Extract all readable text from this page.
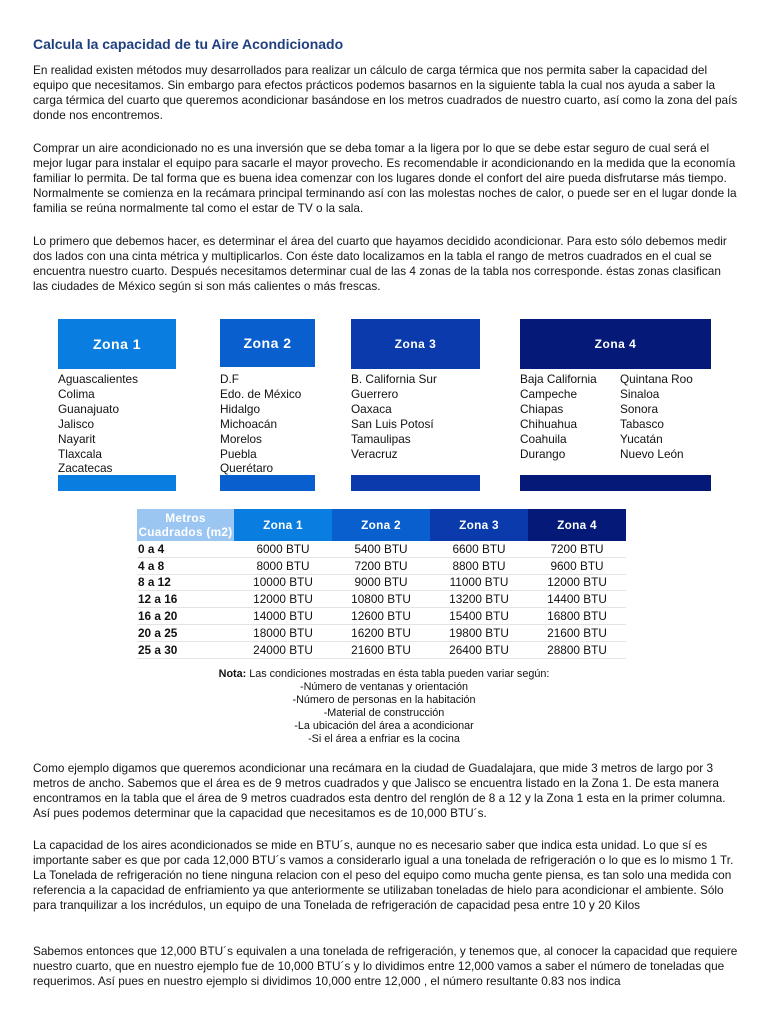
Calcula la capacidad de tu Aire Acondicionado

En realidad existen métodos muy desarrollados para realizar un cálculo de carga térmica que nos permita saber la capacidad del equipo que necesitamos. Sin embargo para efectos prácticos podemos basarnos en la siguiente tabla la cual nos ayuda a saber la carga térmica del cuarto que queremos acondicionar basándose en los metros cuadrados de nuestro cuarto, así como la zona del país donde nos encontremos.

Comprar un aire acondicionado no es una inversión que se deba tomar a la ligera por lo que se debe estar seguro de cual será el mejor lugar para instalar el equipo para sacarle el mayor provecho. Es recomendable ir acondicionando en la medida que la economía familiar lo permita. De tal forma que es buena idea comenzar con los lugares donde el confort del aire pueda disfrutarse más tiempo. Normalmente se comienza en la recámara principal terminando así con las molestas noches de calor, o puede ser en el lugar donde la familia se reúna normalmente tal como el estar de TV o la sala.

Lo primero que debemos hacer, es determinar el área del cuarto que hayamos decidido acondicionar. Para esto sólo debemos medir dos lados con una cinta métrica y multiplicarlos. Con éste dato localizamos en la tabla el rango de metros cuadrados en el cual se encuentra nuestro cuarto. Después necesitamos determinar cual de las 4 zonas de la tabla nos corresponde. éstas zonas clasifican las ciudades de México según si son más calientes o más frescas.

Zona 1
Aguascalientes
Colima
Guanajuato
Jalisco
Nayarit
Tlaxcala
Zacatecas
Zona 2
D.F
Edo. de México
Hidalgo
Michoacán
Morelos
Puebla
Querétaro
Zona 3
B. California Sur
Guerrero
Oaxaca
San Luis Potosí
Tamaulipas
Veracruz
Zona 4
Baja California
Campeche
Chiapas
Chihuahua
Coahuila
Durango
Quintana Roo
Sinaloa
Sonora
Tabasco
Yucatán
Nuevo León
Metros Cuadrados (m2)	Zona 1	Zona 2	Zona 3	Zona 4
0 a 4	6000 BTU	5400 BTU	6600 BTU	7200 BTU
4 a 8	8000 BTU	7200 BTU	8800 BTU	9600 BTU
8 a 12	10000 BTU	9000 BTU	11000 BTU	12000 BTU
12 a 16	12000 BTU	10800 BTU	13200 BTU	14400 BTU
16 a 20	14000 BTU	12600 BTU	15400 BTU	16800 BTU
20 a 25	18000 BTU	16200 BTU	19800 BTU	21600 BTU
25 a 30	24000 BTU	21600 BTU	26400 BTU	28800 BTU
Nota: Las condiciones mostradas en ésta tabla pueden variar según:
-Número de ventanas y orientación
-Número de personas en la habitación
-Material de construcción
-La ubicación del área a acondicionar
-Si el área a enfriar es la cocina

Como ejemplo digamos que queremos acondicionar una recámara en la ciudad de Guadalajara, que mide 3 metros de largo por 3 metros de ancho. Sabemos que el área es de 9 metros cuadrados y que Jalisco se encuentra listado en la Zona 1. De esta manera encontramos en la tabla que el área de 9 metros cuadrados esta dentro del renglón de 8 a 12 y la Zona 1 esta en la primer columna. Así pues podemos determinar que la capacidad que necesitamos es de 10,000 BTU´s.

La capacidad de los aires acondicionados se mide en BTU´s, aunque no es necesario saber que indica esta unidad. Lo que sí es importante saber es que por cada 12,000 BTU´s vamos a considerarlo igual a una tonelada de refrigeración o lo que es lo mismo 1 Tr. La Tonelada de refrigeración no tiene ninguna relacion con el peso del equipo como mucha gente piensa, es tan solo una medida con referencia a la capacidad de enfriamiento ya que anteriormente se utilizaban toneladas de hielo para acondicionar el ambiente. Sólo para tranquilizar a los incrédulos, un equipo de una Tonelada de refrigeración de capacidad pesa entre 10 y 20 Kilos

Sabemos entonces que 12,000 BTU´s equivalen a una tonelada de refrigeración, y tenemos que, al conocer la capacidad que requiere nuestro cuarto, que en nuestro ejemplo fue de 10,000 BTU´s y lo dividimos entre 12,000 vamos a saber el número de toneladas que requerimos. Así pues en nuestro ejemplo si dividimos 10,000 entre 12,000 , el número resultante 0.83 nos indica
